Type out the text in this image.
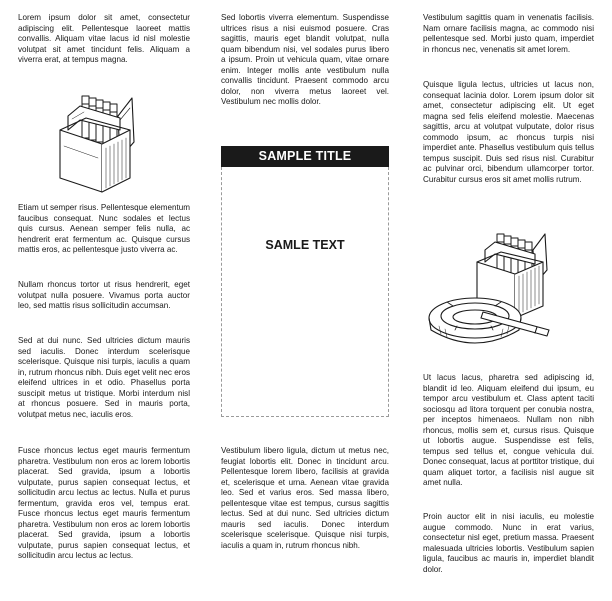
Lorem ipsum dolor sit amet, consectetur adipiscing elit. Pellentesque laoreet mattis convallis. Aliquam vitae lacus id nisl molestie volutpat sit amet tincidunt felis. Aliquam a viverra erat, at tempus magna.

Etiam ut semper risus. Pellentesque elementum faucibus consequat. Nunc sodales et lectus quis cursus. Aenean semper felis nulla, ac hendrerit erat fermentum ac. Quisque cursus mattis eros, ac pellentesque justo viverra ac.

Nullam rhoncus tortor ut risus hendrerit, eget volutpat nulla posuere. Vivamus porta auctor leo, sed mattis risus sollicitudin accumsan.

Sed at dui nunc. Sed ultricies dictum mauris sed iaculis. Donec interdum scelerisque scelerisque. Quisque nisi turpis, iaculis a quam in, rutrum rhoncus nibh. Duis eget velit nec eros eleifend ultrices in et odio. Phasellus porta suscipit metus ut tristique. Morbi interdum nisl at rhoncus posuere. Sed in mauris porta, volutpat metus nec, iaculis eros.

Fusce rhoncus lectus eget mauris fermentum pharetra. Vestibulum non eros ac lorem lobortis placerat. Sed gravida, ipsum a lobortis vulputate, purus sapien consequat lectus, et sollicitudin arcu lectus ac lectus. Nulla et purus fermentum, gravida eros vel, tempus erat. Fusce rhoncus lectus eget mauris fermentum pharetra. Vestibulum non eros ac lorem lobortis placerat. Sed gravida, ipsum a lobortis vulputate, purus sapien consequat lectus, et sollicitudin arcu lectus ac lectus.

Sed lobortis viverra elementum. Suspendisse ultrices risus a nisi euismod posuere. Cras sagittis, mauris eget blandit volutpat, nulla quam bibendum nisi, vel sodales purus libero a ipsum. Proin ut vehicula quam, vitae ornare enim. Integer mollis ante vestibulum nulla convallis tincidunt. Praesent commodo arcu dolor, non viverra metus laoreet vel. Vestibulum nec mollis dolor.

SAMPLE TITLE
SAMLE TEXT

Vestibulum libero ligula, dictum ut metus nec, feugiat lobortis elit. Donec in tincidunt arcu. Pellentesque lorem libero, facilisis at gravida et, scelerisque et urna. Aenean vitae gravida leo. Sed et varius eros. Sed massa libero, pellentesque vitae est tempus, cursus sagittis lectus. Sed at dui nunc. Sed ultricies dictum mauris sed iaculis. Donec interdum scelerisque scelerisque. Quisque nisi turpis, iaculis a quam in, rutrum rhoncus nibh.

Vestibulum sagittis quam in venenatis facilisis. Nam ornare facilisis magna, ac commodo nisi pellentesque sed. Morbi justo quam, imperdiet in rhoncus nec, venenatis sit amet lorem.

Quisque ligula lectus, ultricies ut lacus non, consequat lacinia dolor. Lorem ipsum dolor sit amet, consectetur adipiscing elit. Ut eget magna sed felis eleifend molestie. Maecenas sagittis, arcu at volutpat vulputate, dolor risus commodo ipsum, ac rhoncus turpis nisi imperdiet ante. Phasellus vestibulum quis tellus tempus suscipit. Duis sed risus nisl. Curabitur ac pulvinar orci, bibendum ullamcorper tortor. Curabitur cursus eros sit amet mollis rutrum.

Ut lacus lacus, pharetra sed adipiscing id, blandit id leo. Aliquam eleifend dui ipsum, eu tempor arcu vestibulum et. Class aptent taciti sociosqu ad litora torquent per conubia nostra, per inceptos himenaeos. Nullam non nibh rhoncus, mollis sem et, cursus risus. Quisque ut lobortis augue. Suspendisse est felis, tempus sed tellus et, congue vehicula dui. Donec consequat, lacus at porttitor tristique, dui quam aliquet tortor, a facilisis nisl augue sit amet nulla.

Proin auctor elit in nisi iaculis, eu molestie augue commodo. Nunc in erat varius, consectetur nisl eget, pretium massa. Praesent malesuada ultricies lobortis. Vestibulum sapien ligula, faucibus ac mauris in, imperdiet blandit dolor.
